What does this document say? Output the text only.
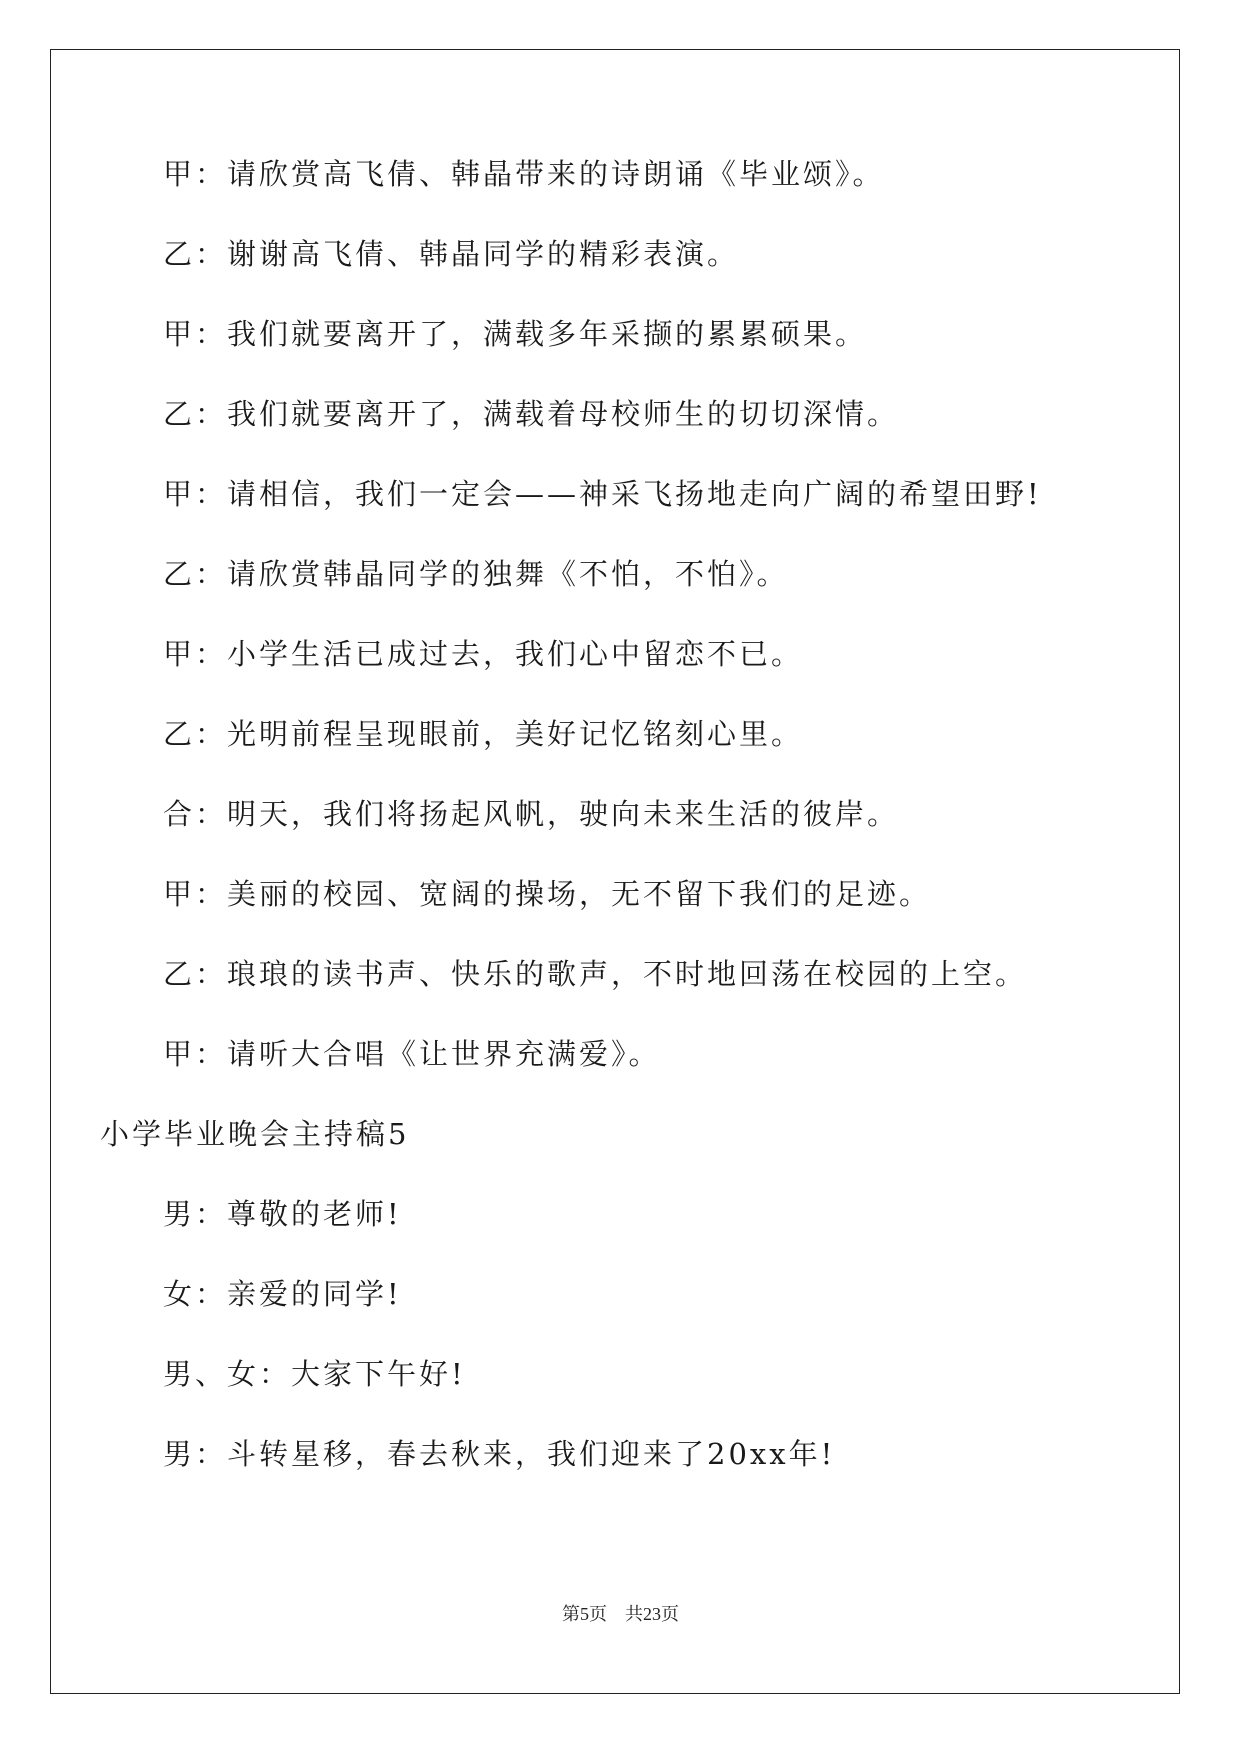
甲：请欣赏高飞倩、韩晶带来的诗朗诵《毕业颂》。
乙：谢谢高飞倩、韩晶同学的精彩表演。
甲：我们就要离开了，满载多年采撷的累累硕果。
乙：我们就要离开了，满载着母校师生的切切深情。
甲：请相信，我们一定会——神采飞扬地走向广阔的希望田野!
乙：请欣赏韩晶同学的独舞《不怕，不怕》。
甲：小学生活已成过去，我们心中留恋不已。
乙：光明前程呈现眼前，美好记忆铭刻心里。
合：明天，我们将扬起风帆，驶向未来生活的彼岸。
甲：美丽的校园、宽阔的操场，无不留下我们的足迹。
乙：琅琅的读书声、快乐的歌声，不时地回荡在校园的上空。
甲：请听大合唱《让世界充满爱》。
小学毕业晚会主持稿5
男：尊敬的老师!
女：亲爱的同学!
男、女：大家下午好!
男：斗转星移，春去秋来，我们迎来了20xx年!
第5页 共23页
